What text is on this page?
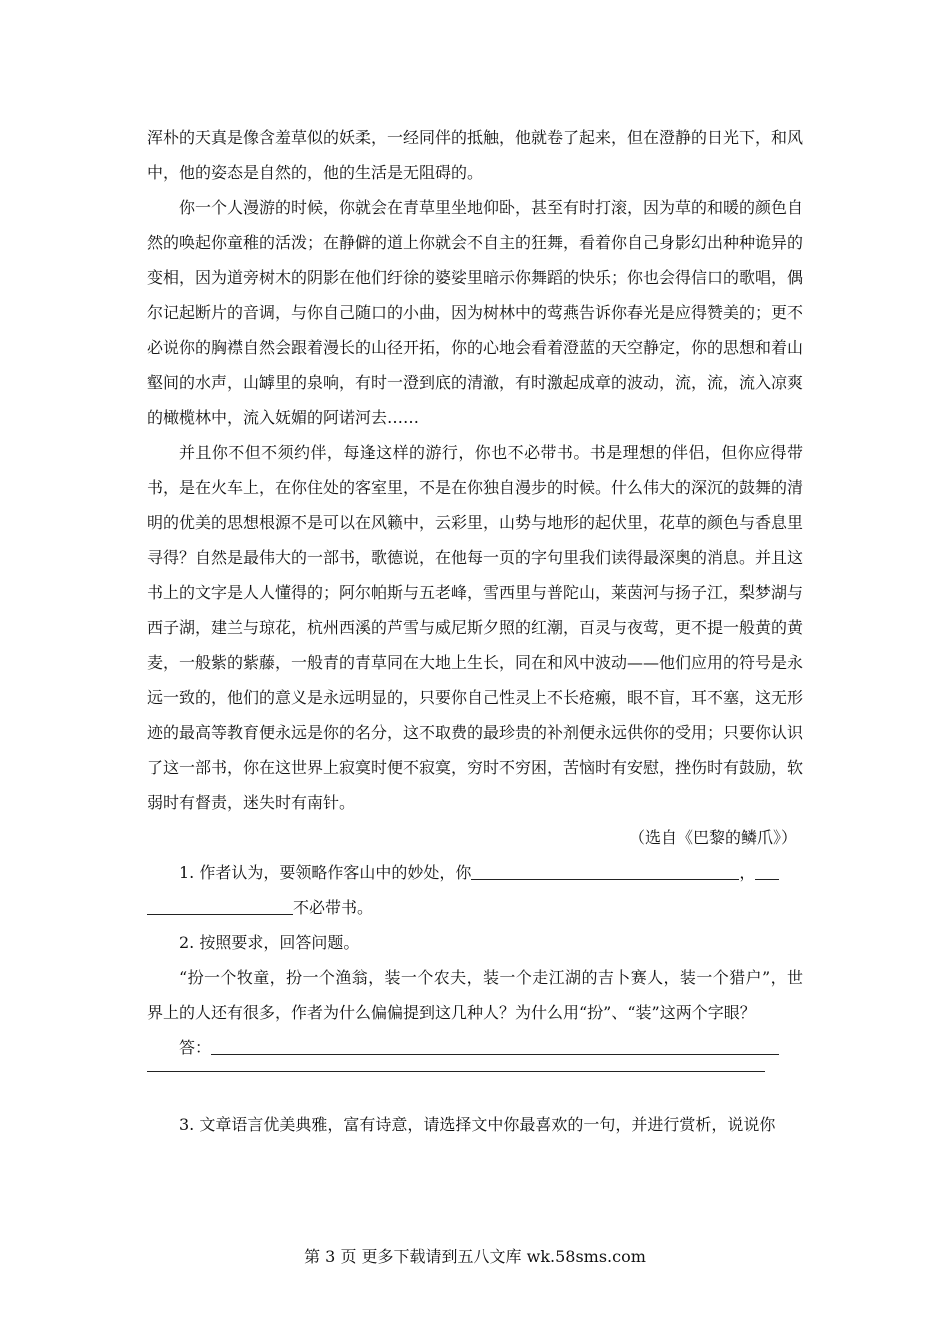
浑朴的天真是像含羞草似的妖柔，一经同伴的抵触，他就卷了起来，但在澄静的日光下，和风中，他的姿态是自然的，他的生活是无阻碍的。

你一个人漫游的时候，你就会在青草里坐地仰卧，甚至有时打滚，因为草的和暖的颜色自然的唤起你童稚的活泼；在静僻的道上你就会不自主的狂舞，看着你自己身影幻出种种诡异的变相，因为道旁树木的阴影在他们纡徐的婆娑里暗示你舞蹈的快乐；你也会得信口的歌唱，偶尔记起断片的音调，与你自己随口的小曲，因为树林中的莺燕告诉你春光是应得赞美的；更不必说你的胸襟自然会跟着漫长的山径开拓，你的心地会看着澄蓝的天空静定，你的思想和着山壑间的水声，山罅里的泉响，有时一澄到底的清澈，有时激起成章的波动，流，流，流入凉爽的橄榄林中，流入妩媚的阿诺河去……

并且你不但不须约伴，每逢这样的游行，你也不必带书。书是理想的伴侣，但你应得带书，是在火车上，在你住处的客室里，不是在你独自漫步的时候。什么伟大的深沉的鼓舞的清明的优美的思想根源不是可以在风籁中，云彩里，山势与地形的起伏里，花草的颜色与香息里寻得？自然是最伟大的一部书，歌德说，在他每一页的字句里我们读得最深奥的消息。并且这书上的文字是人人懂得的；阿尔帕斯与五老峰，雪西里与普陀山，莱茵河与扬子江，梨梦湖与西子湖，建兰与琼花，杭州西溪的芦雪与威尼斯夕照的红潮，百灵与夜莺，更不提一般黄的黄麦，一般紫的紫藤，一般青的青草同在大地上生长，同在和风中波动——他们应用的符号是永远一致的，他们的意义是永远明显的，只要你自己性灵上不长疮瘢，眼不盲，耳不塞，这无形迹的最高等教育便永远是你的名分，这不取费的最珍贵的补剂便永远供你的受用；只要你认识了这一部书，你在这世界上寂寞时便不寂寞，穷时不穷困，苦恼时有安慰，挫伤时有鼓励，软弱时有督责，迷失时有南针。

（选自《巴黎的鳞爪》）

1. 作者认为，要领略作客山中的妙处，你	，

不必带书。

2. 按照要求，回答问题。

“扮一个牧童，扮一个渔翁，装一个农夫，装一个走江湖的吉卜赛人，装一个猎户”，世界上的人还有很多，作者为什么偏偏提到这几种人？为什么用“扮”、“装”这两个字眼？

答：

3. 文章语言优美典雅，富有诗意，请选择文中你最喜欢的一句，并进行赏析，说说你

第 3 页 更多下载请到五八文库 wk.58sms.com
